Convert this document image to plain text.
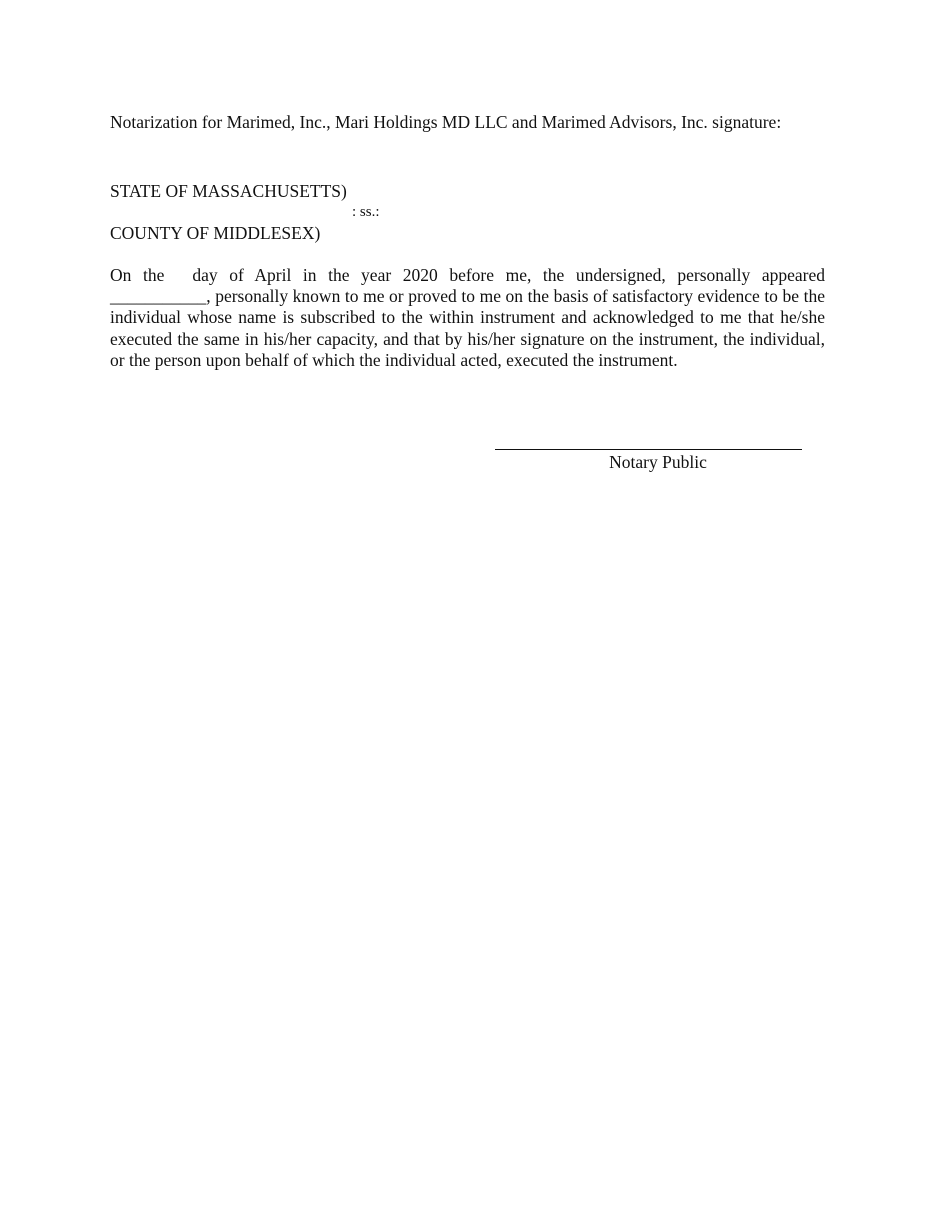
Notarization for Marimed, Inc., Mari Holdings MD LLC and Marimed Advisors, Inc. signature:
STATE OF MASSACHUSETTS)
: ss.:
COUNTY OF MIDDLESEX)
On the day of April in the year 2020 before me, the undersigned, personally appeared ___________, personally known to me or proved to me on the basis of satisfactory evidence to be the individual whose name is subscribed to the within instrument and acknowledged to me that he/she executed the same in his/her capacity, and that by his/her signature on the instrument, the individual, or the person upon behalf of which the individual acted, executed the instrument.
Notary Public
